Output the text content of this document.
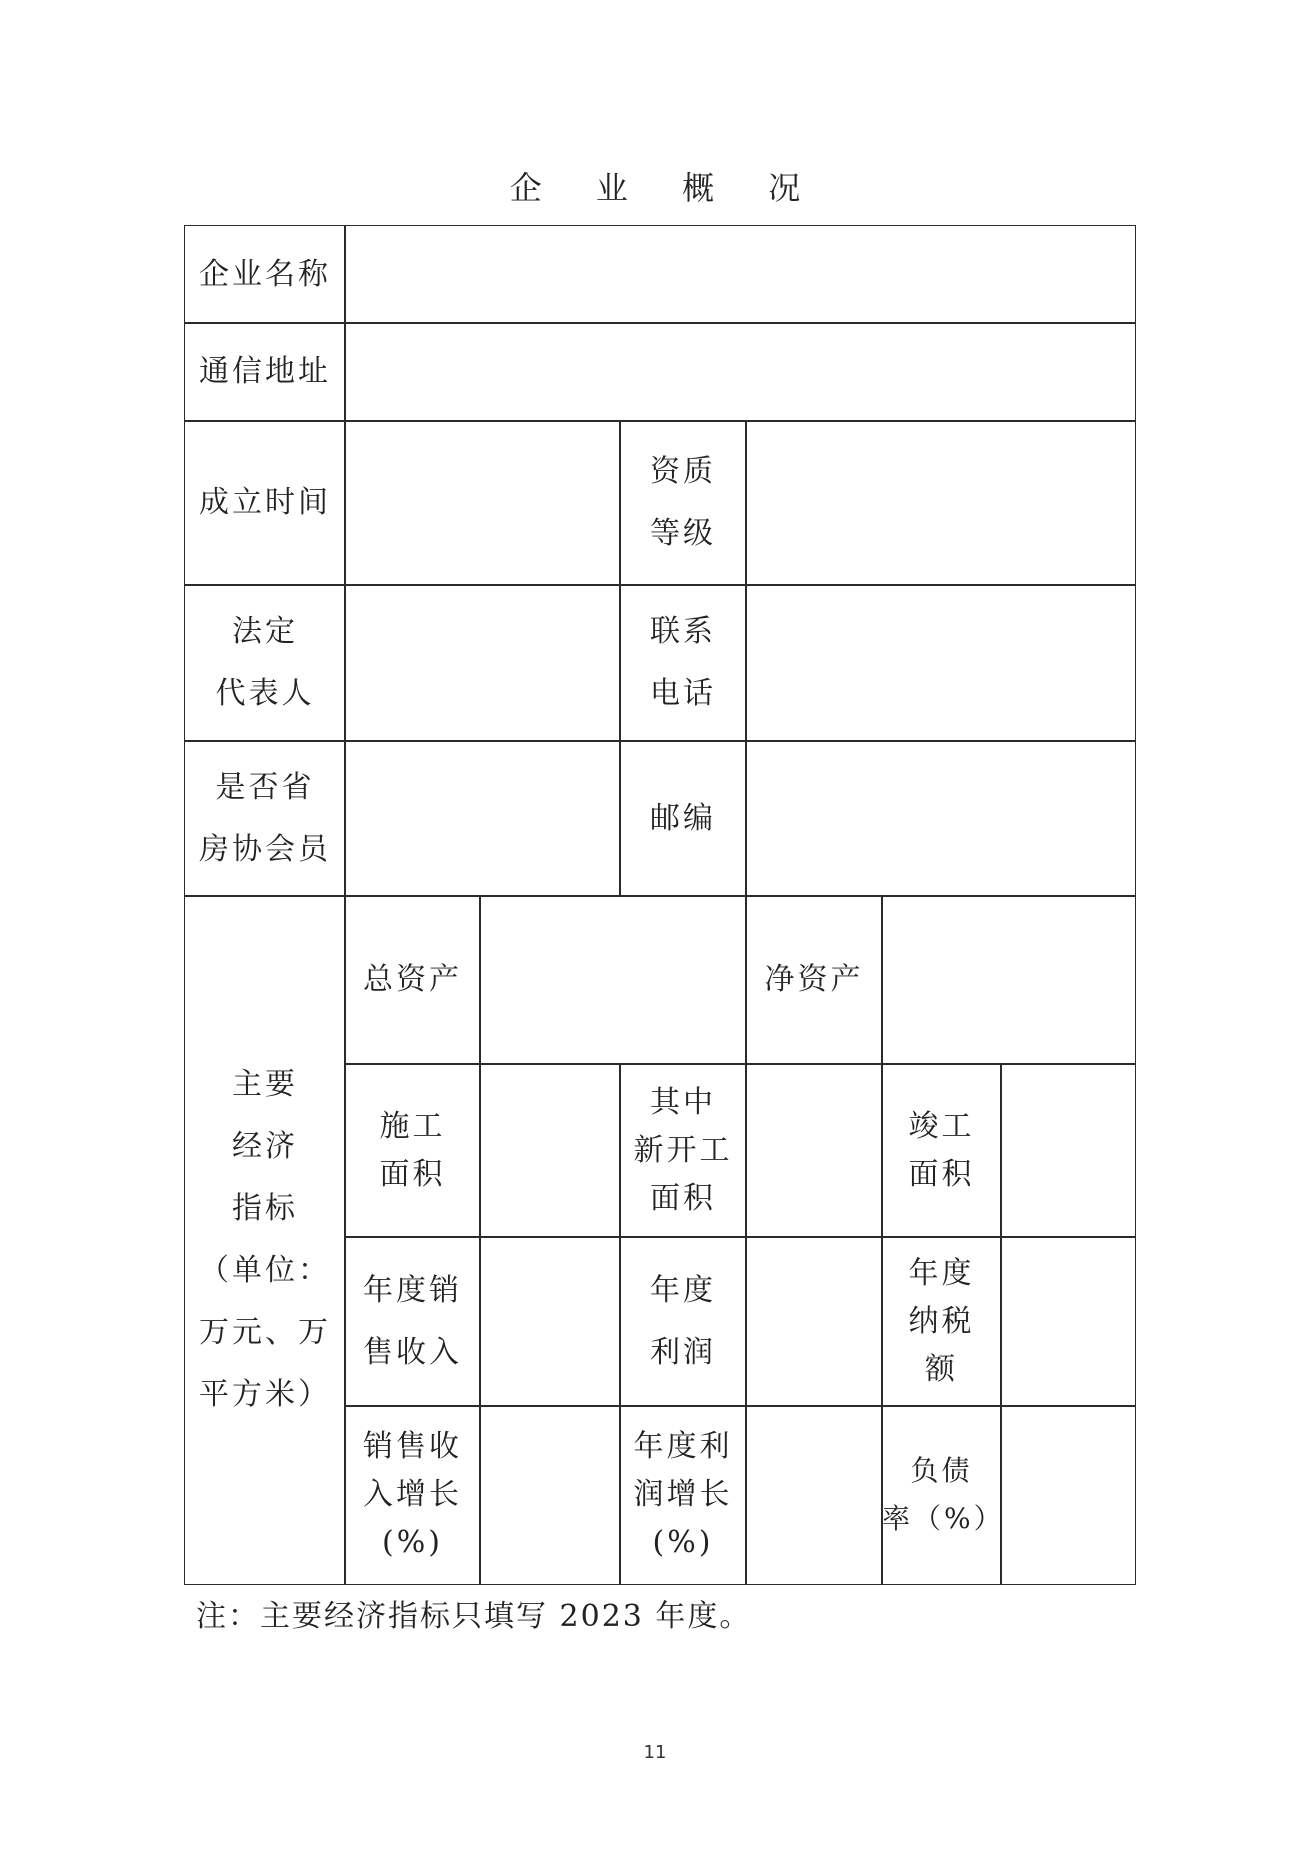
企 业 概 况
企业名称
通信地址
成立时间
资质
等级
法定
代表人
联系
电话
是否省
房协会员
邮编
主要
经济
指标
（单位：
万元、万
平方米）
总资产	净资产
施工
面积
其中
新开工
面积
竣工
面积
年度销
售收入
年度
利润
年度
纳税
额
销售收
入增长
(%)
年度利
润增长
(%)
负债
率（%）
注：主要经济指标只填写 2023 年度。
11
